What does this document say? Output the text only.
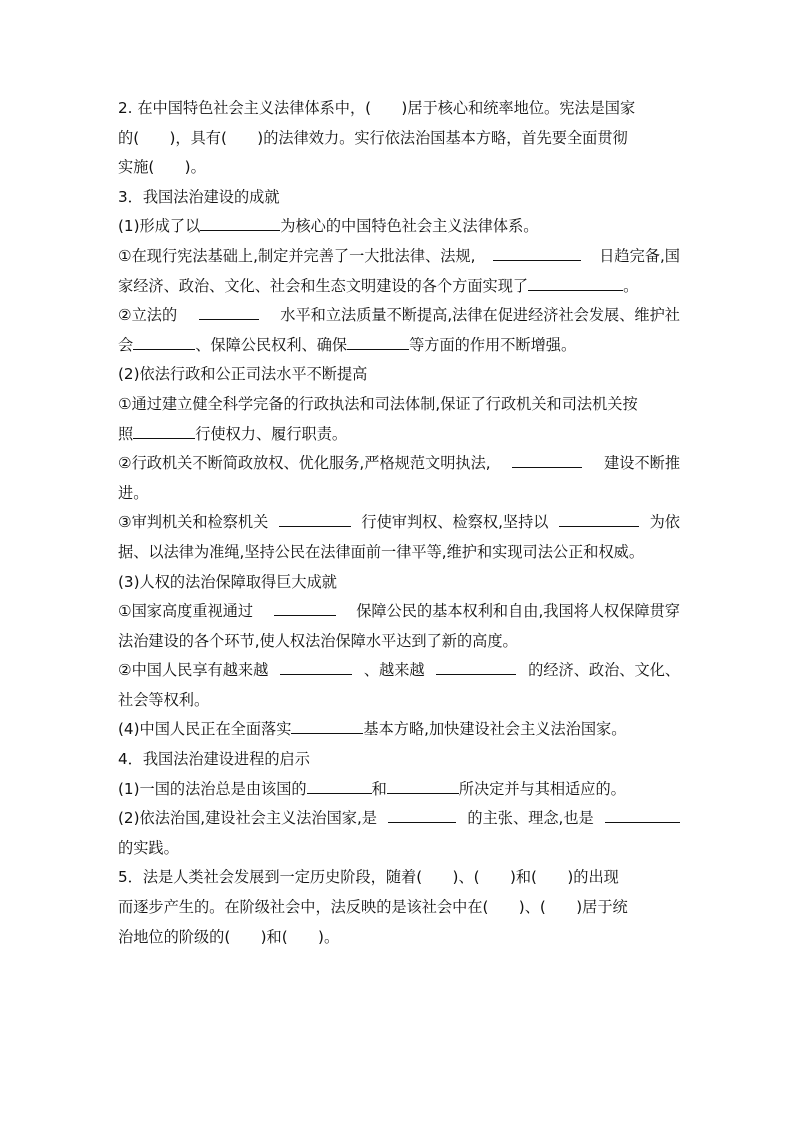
2. 在中国特色社会主义法律体系中，(　　)居于核心和统率地位。宪法是国家
的(　　)，具有(　　)的法律效力。实行依法治国基本方略，首先要全面贯彻
实施(　　)。
3．我国法治建设的成就
(1)形成了以	为核心的中国特色社会主义法律体系。
①在现行宪法基础上,制定并完善了一大批法律、法规,	日趋完备,国
家经济、政治、文化、社会和生态文明建设的各个方面实现了	。
②立法的	水平和立法质量不断提高,法律在促进经济社会发展、维护社
会	、保障公民权利、确保	等方面的作用不断增强。
(2)依法行政和公正司法水平不断提高
①通过建立健全科学完备的行政执法和司法体制,保证了行政机关和司法机关按
照	行使权力、履行职责。
②行政机关不断简政放权、优化服务,严格规范文明执法,	建设不断推
进。
③审判机关和检察机关	行使审判权、检察权,坚持以	为依
据、以法律为准绳,坚持公民在法律面前一律平等,维护和实现司法公正和权威。
(3)人权的法治保障取得巨大成就
①国家高度重视通过	保障公民的基本权利和自由,我国将人权保障贯穿
法治建设的各个环节,使人权法治保障水平达到了新的高度。
②中国人民享有越来越	、越来越	的经济、政治、文化、
社会等权利。
(4)中国人民正在全面落实	基本方略,加快建设社会主义法治国家。
4．我国法治建设进程的启示
(1)一国的法治总是由该国的	和	所决定并与其相适应的。
(2)依法治国,建设社会主义法治国家,是	的主张、理念,也是
的实践。
5．法是人类社会发展到一定历史阶段，随着(　　)、(　　)和(　　)的出现
而逐步产生的。在阶级社会中，法反映的是该社会中在(　　)、(　　)居于统
治地位的阶级的(　　)和(　　)。
